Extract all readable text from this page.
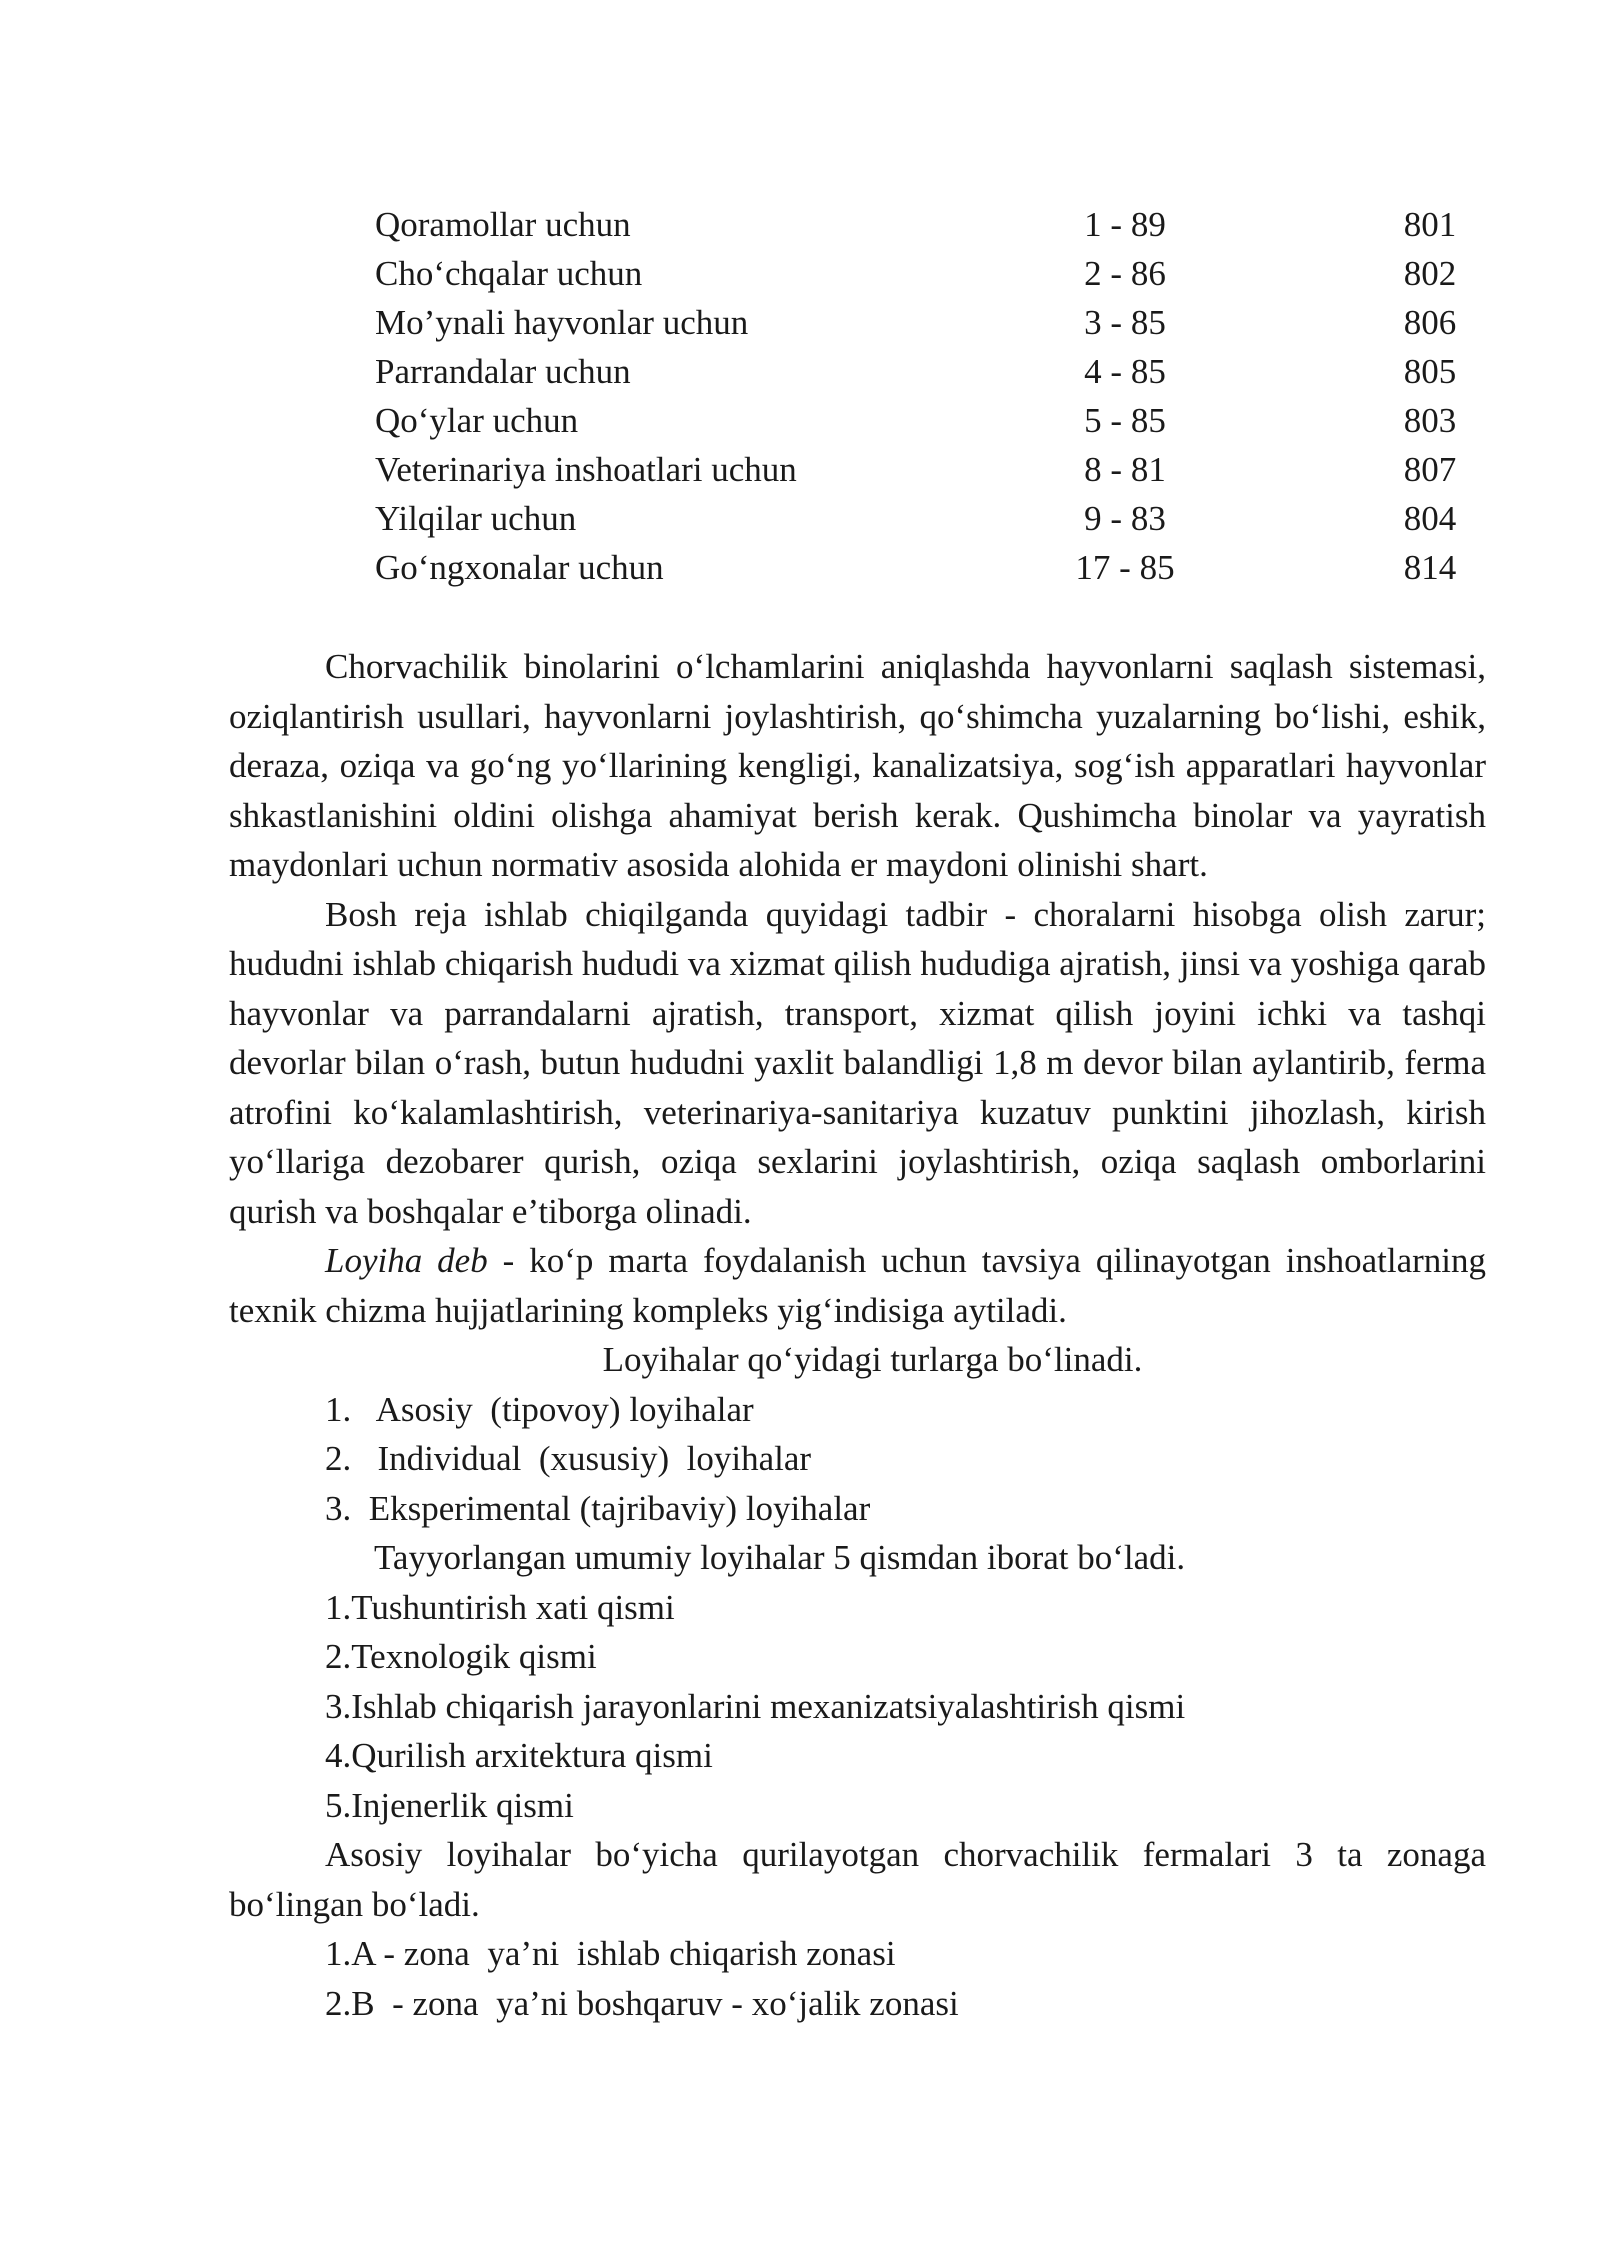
Qoramollar uchun	1 - 89	801
Cho‘chqalar uchun	2 - 86	802
Mo’ynali hayvonlar uchun	3 - 85	806
Parrandalar uchun	4 - 85	805
Qo‘ylar uchun	5 - 85	803
Veterinariya inshoatlari uchun	8 - 81	807
Yilqilar uchun	9 - 83	804
Go‘ngxonalar uchun	17 - 85	814

Chorvachilik binolarini o‘lchamlarini aniqlashda hayvonlarni saqlash sistemasi, oziqlantirish usullari, hayvonlarni joylashtirish, qo‘shimcha yuzalarning bo‘lishi, eshik, deraza, oziqa va go‘ng yo‘llarining kengligi, kanalizatsiya, sog‘ish apparatlari hayvonlar shkastlanishini oldini olishga ahamiyat berish kerak. Qushimcha binolar va yayratish maydonlari uchun normativ asosida alohida er maydoni olinishi shart.

Bosh reja ishlab chiqilganda quyidagi tadbir - choralarni hisobga olish zarur; hududni ishlab chiqarish hududi va xizmat qilish hududiga ajratish, jinsi va yoshiga qarab hayvonlar va parrandalarni ajratish, transport, xizmat qilish joyini ichki va tashqi devorlar bilan o‘rash, butun hududni yaxlit balandligi 1,8 m devor bilan aylantirib, ferma atrofini ko‘kalamlashtirish, veterinariya-sanitariya kuzatuv punktini jihozlash, kirish yo‘llariga dezobarer qurish, oziqa sexlarini joylashtirish, oziqa saqlash omborlarini qurish va boshqalar e’tiborga olinadi.

Loyiha deb - ko‘p marta foydalanish uchun tavsiya qilinayotgan inshoatlarning texnik chizma hujjatlarining kompleks yig‘indisiga aytiladi.

Loyihalar qo‘yidagi turlarga bo‘linadi.

1.   Asosiy  (tipovoy) loyihalar

2.   Individual  (xususiy)  loyihalar

3.  Eksperimental (tajribaviy) loyihalar

Tayyorlangan umumiy loyihalar 5 qismdan iborat bo‘ladi.

1.Tushuntirish xati qismi

2.Texnologik qismi

3.Ishlab chiqarish jarayonlarini mexanizatsiyalashtirish qismi

4.Qurilish arxitektura qismi

5.Injenerlik qismi

Asosiy loyihalar bo‘yicha qurilayotgan chorvachilik fermalari 3 ta zonaga bo‘lingan bo‘ladi.

1.A - zona  ya’ni  ishlab chiqarish zonasi

2.B  - zona  ya’ni boshqaruv - xo‘jalik zonasi
